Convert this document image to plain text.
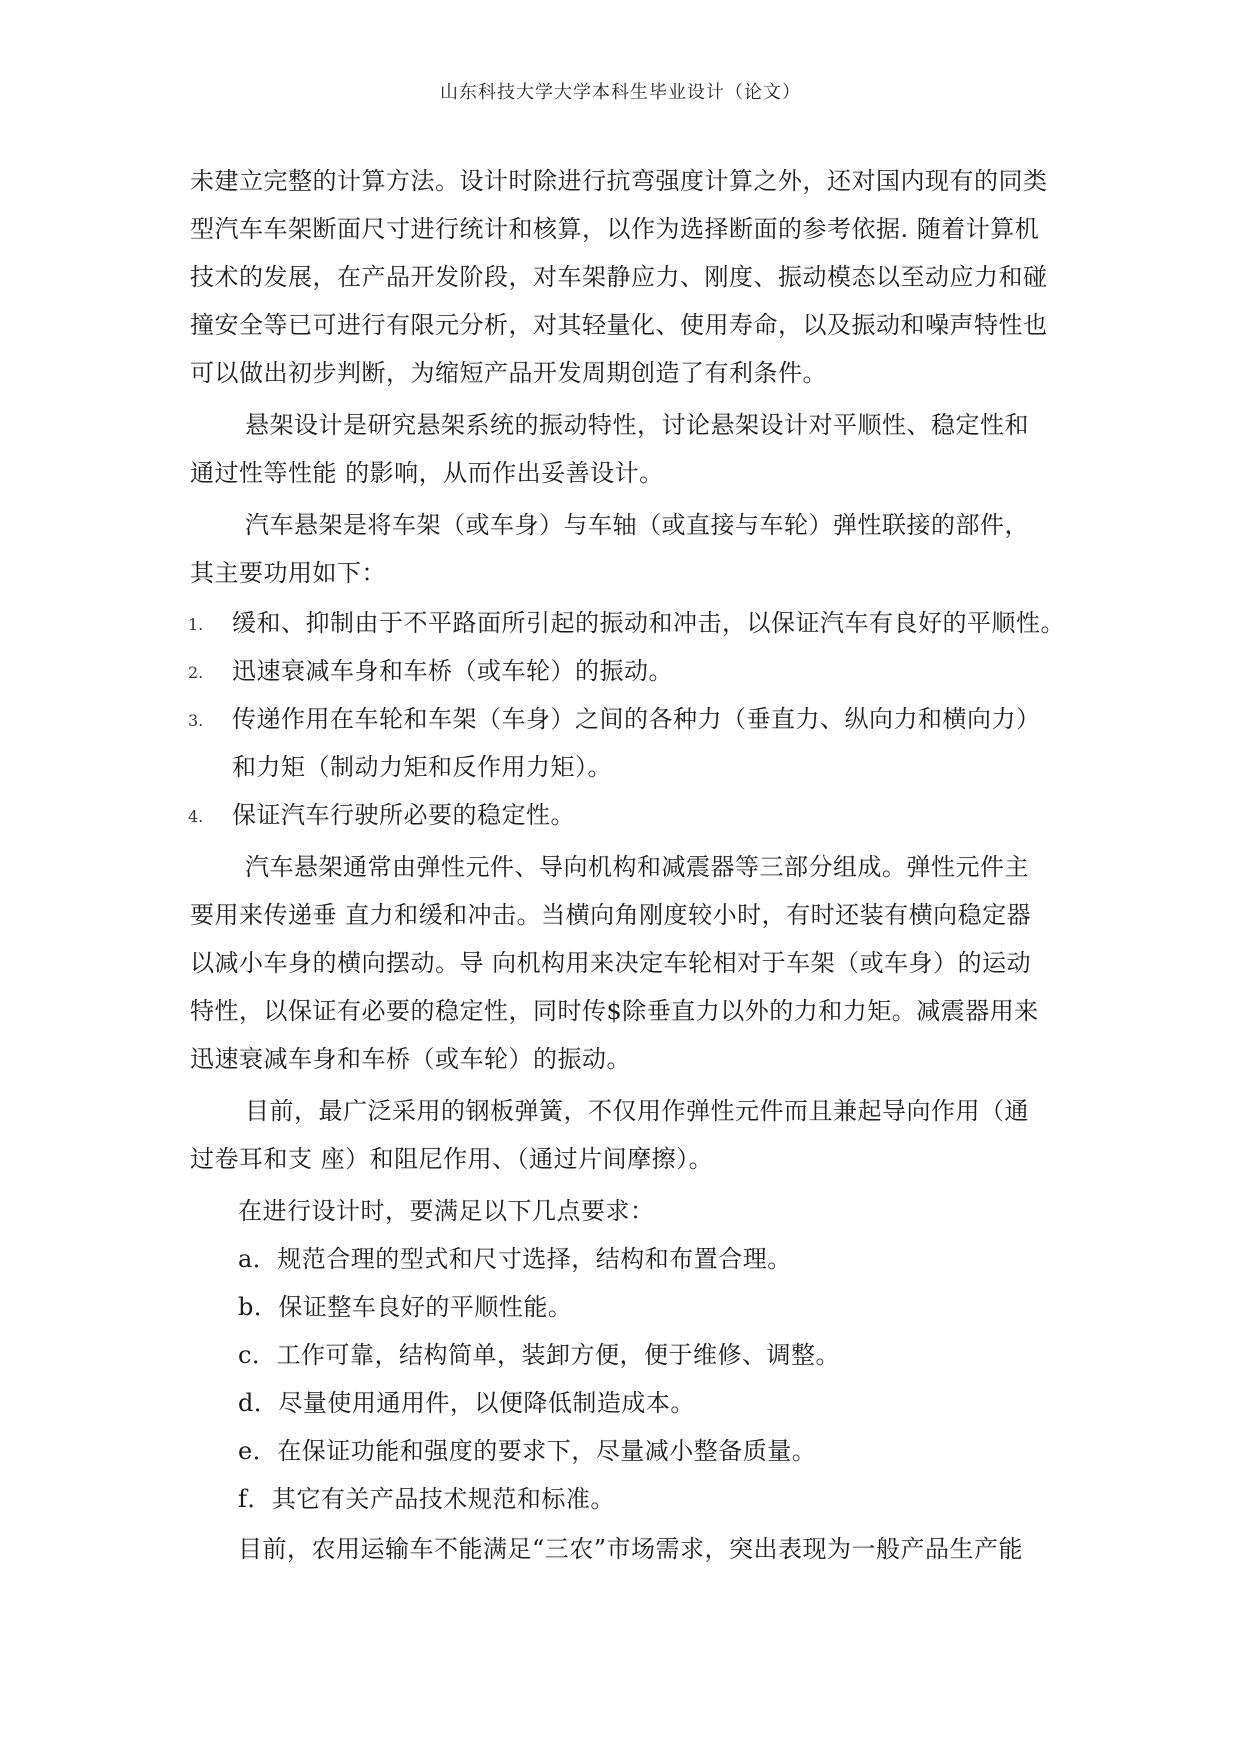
山东科技大学大学本科生毕业设计（论文）
未建立完整的计算方法。设计时除进行抗弯强度计算之外，还对国内现有的同类
型汽车车架断面尺寸进行统计和核算，以作为选择断面的参考依据. 随着计算机
技术的发展，在产品开发阶段，对车架静应力、刚度、振动模态以至动应力和碰
撞安全等已可进行有限元分析，对其轻量化、使用寿命，以及振动和噪声特性也
可以做出初步判断，为缩短产品开发周期创造了有利条件。
悬架设计是研究悬架系统的振动特性，讨论悬架设计对平顺性、稳定性和
通过性等性能 的影响，从而作出妥善设计。
汽车悬架是将车架（或车身）与车轴（或直接与车轮）弹性联接的部件，
其主要功用如下：
1. 缓和、抑制由于不平路面所引起的振动和冲击，以保证汽车有良好的平顺性。
2. 迅速衰减车身和车桥（或车轮）的振动。
3. 传递作用在车轮和车架（车身）之间的各种力（垂直力、纵向力和横向力）
和力矩（制动力矩和反作用力矩）。
4. 保证汽车行驶所必要的稳定性。
汽车悬架通常由弹性元件、导向机构和减震器等三部分组成。弹性元件主
要用来传递垂 直力和缓和冲击。当横向角刚度较小时，有时还装有横向稳定器
以减小车身的横向摆动。导 向机构用来决定车轮相对于车架（或车身）的运动
特性，以保证有必要的稳定性，同时传$除垂直力以外的力和力矩。减震器用来
迅速衰减车身和车桥（或车轮）的振动。
目前，最广泛采用的钢板弹簧，不仅用作弹性元件而且兼起导向作用（通
过卷耳和支 座）和阻尼作用、（通过片间摩擦）。
在进行设计时，要满足以下几点要求：
a．规范合理的型式和尺寸选择，结构和布置合理。
b．保证整车良好的平顺性能。
c．工作可靠，结构简单，装卸方便，便于维修、调整。
d．尽量使用通用件，以便降低制造成本。
e．在保证功能和强度的要求下，尽量减小整备质量。
f．其它有关产品技术规范和标准。
目前，农用运输车不能满足“三农”市场需求，突出表现为一般产品生产能
